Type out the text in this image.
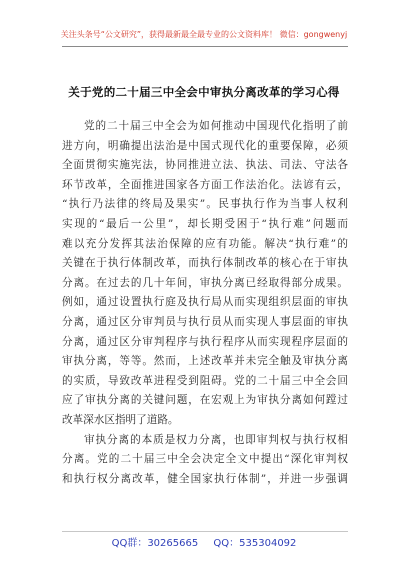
关注头条号“公文研究”，获得最新最全最专业的公文资料库！ 微信：gongwenyj
关于党的二十届三中全会中审执分离改革的学习心得
党的二十届三中全会为如何推动中国现代化指明了前
进方向，明确提出法治是中国式现代化的重要保障，必须
全面贯彻实施宪法，协同推进立法、执法、司法、守法各
环节改革，全面推进国家各方面工作法治化。法谚有云，
“执行乃法律的终局及果实”。民事执行作为当事人权利
实现的“最后一公里”，却长期受困于“执行难”问题而
难以充分发挥其法治保障的应有功能。解决“执行难”的
关键在于执行体制改革，而执行体制改革的核心在于审执
分离。在过去的几十年间，审执分离已经取得部分成果。
例如，通过设置执行庭及执行局从而实现组织层面的审执
分离，通过区分审判员与执行员从而实现人事层面的审执
分离，通过区分审判程序与执行程序从而实现程序层面的
审执分离，等等。然而，上述改革并未完全触及审执分离
的实质，导致改革进程受到阻碍。党的二十届三中全会回
应了审执分离的关键问题，在宏观上为审执分离如何蹚过
改革深水区指明了道路。
审执分离的本质是权力分离，也即审判权与执行权相
分离。党的二十届三中全会决定全文中提出“深化审判权
和执行权分离改革，健全国家执行体制”，并进一步强调
QQ群：30265665 QQ：535304092
